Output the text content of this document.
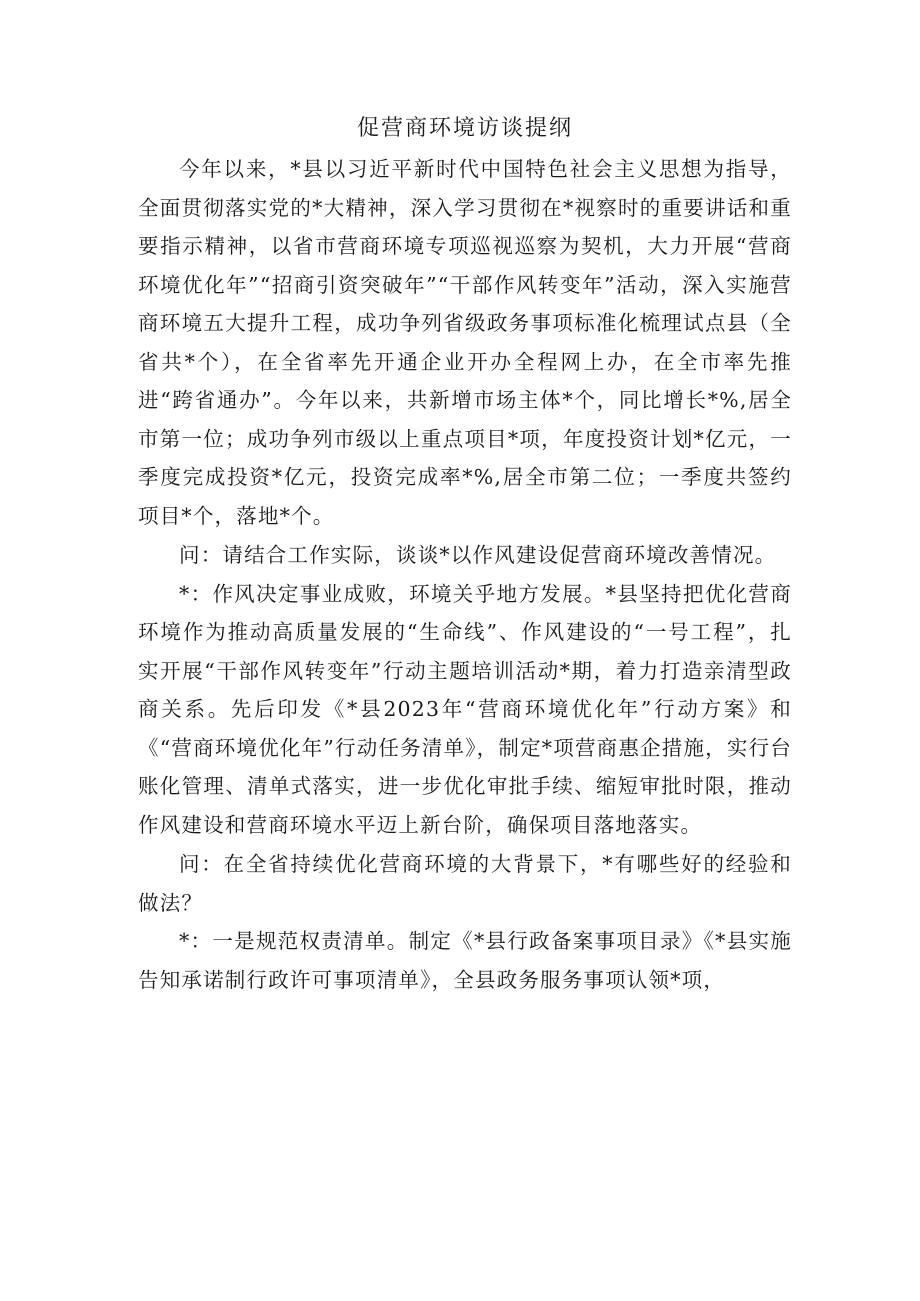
促营商环境访谈提纲

今年以来，*县以习近平新时代中国特色社会主义思想为指导，全面贯彻落实党的*大精神，深入学习贯彻在*视察时的重要讲话和重要指示精神，以省市营商环境专项巡视巡察为契机，大力开展“营商环境优化年”“招商引资突破年”“干部作风转变年”活动，深入实施营商环境五大提升工程，成功争列省级政务事项标准化梳理试点县（全省共*个），在全省率先开通企业开办全程网上办，在全市率先推进“跨省通办”。今年以来，共新增市场主体*个，同比增长*%,居全市第一位；成功争列市级以上重点项目*项，年度投资计划*亿元，一季度完成投资*亿元，投资完成率*%,居全市第二位；一季度共签约项目*个，落地*个。

问：请结合工作实际，谈谈*以作风建设促营商环境改善情况。

*：作风决定事业成败，环境关乎地方发展。*县坚持把优化营商环境作为推动高质量发展的“生命线”、作风建设的“一号工程”，扎实开展“干部作风转变年”行动主题培训活动*期，着力打造亲清型政商关系。先后印发《*县2023年“营商环境优化年”行动方案》和《“营商环境优化年”行动任务清单》，制定*项营商惠企措施，实行台账化管理、清单式落实，进一步优化审批手续、缩短审批时限，推动作风建设和营商环境水平迈上新台阶，确保项目落地落实。

问：在全省持续优化营商环境的大背景下，*有哪些好的经验和做法？

*：一是规范权责清单。制定《*县行政备案事项目录》《*县实施告知承诺制行政许可事项清单》，全县政务服务事项认领*项，
